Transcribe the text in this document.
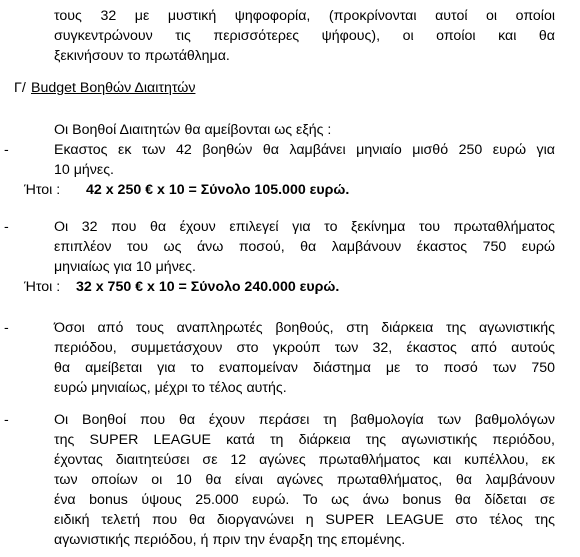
τους 32 με μυστική ψηφοφορία, (προκρίνονται αυτοί οι οποίοι
συγκεντρώνουν τις περισσότερες ψήφους), οι οποίοι και θα
ξεκινήσουν το πρωτάθλημα.
Γ/ Budget Βοηθών Διαιτητών
Οι Βοηθοί Διαιτητών θα αμείβονται ως εξής :
-	Εκαστος εκ των 42 βοηθών θα λαμβάνει μηνιαίο μισθό 250 ευρώ για
10 μήνες.
Ήτοι : 42 x 250 € x 10 = Σύνολο 105.000 ευρώ.
-	Οι 32 που θα έχουν επιλεγεί για το ξεκίνημα του πρωταθλήματος
επιπλέον του ως άνω ποσού, θα λαμβάνουν έκαστος 750 ευρώ
μηνιαίως για 10 μήνες.
Ήτοι : 32 x 750 € x 10 = Σύνολο 240.000 ευρώ.
-	Όσοι από τους αναπληρωτές βοηθούς, στη διάρκεια της αγωνιστικής
περιόδου, συμμετάσχουν στο γκρούπ των 32, έκαστος από αυτούς
θα αμείβεται για το εναπομείναν διάστημα με το ποσό των 750
ευρώ μηνιαίως, μέχρι το τέλος αυτής.
-	Οι Βοηθοί που θα έχουν περάσει τη βαθμολογία των βαθμολόγων
της SUPER LEAGUE κατά τη διάρκεια της αγωνιστικής περιόδου,
έχοντας διαιτητεύσει σε 12 αγώνες πρωταθλήματος και κυπέλλου, εκ
των οποίων οι 10 θα είναι αγώνες πρωταθλήματος, θα λαμβάνουν
ένα bonus ύψους 25.000 ευρώ. Το ως άνω bonus θα δίδεται σε
ειδική τελετή που θα διοργανώνει η SUPER LEAGUE στο τέλος της
αγωνιστικής περιόδου, ή πριν την έναρξη της επομένης.
